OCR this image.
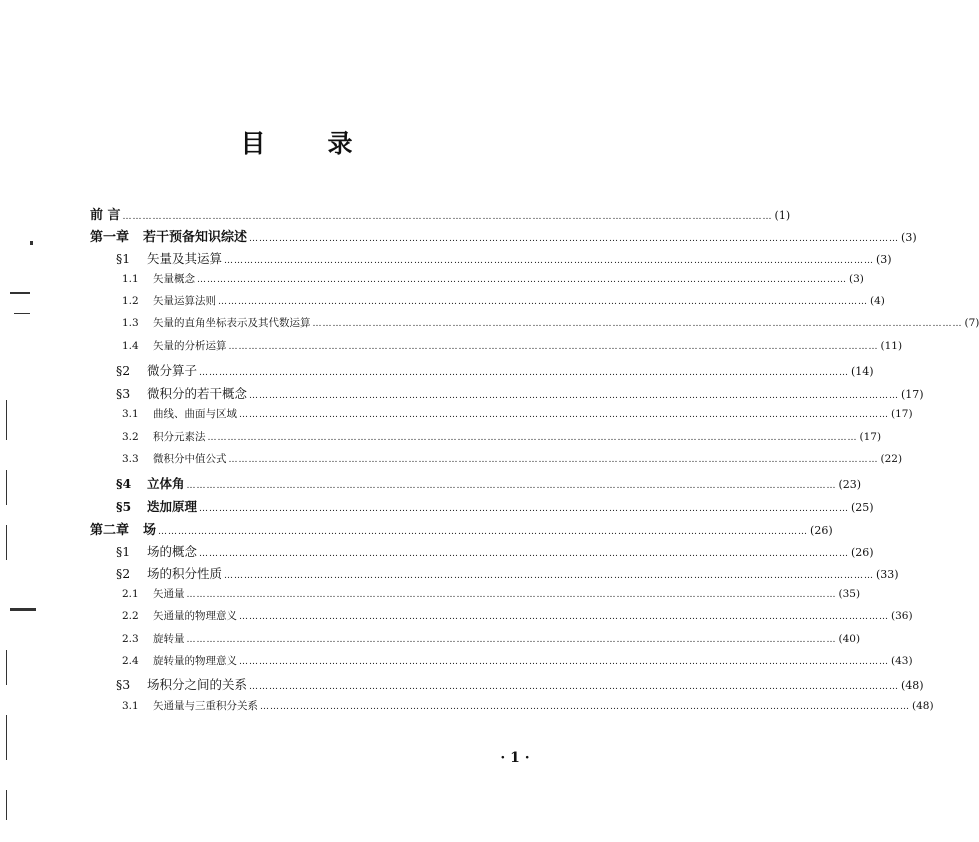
目 录
前 言 …………………………………………………………………………………………………………………………………………………………………………… (1)
第一章 若干预备知识综述 …………………………………………………………………………………………………………………………………………………………………………… (3)
§1	矢量及其运算 …………………………………………………………………………………………………………………………………………………………………………… (3)
1.1	矢量概念 …………………………………………………………………………………………………………………………………………………………………………… (3)
1.2	矢量运算法则 …………………………………………………………………………………………………………………………………………………………………………… (4)
1.3	矢量的直角坐标表示及其代数运算 …………………………………………………………………………………………………………………………………………………………………………… (7)
1.4	矢量的分析运算 …………………………………………………………………………………………………………………………………………………………………………… (11)
§2	微分算子 …………………………………………………………………………………………………………………………………………………………………………… (14)
§3	微积分的若干概念 …………………………………………………………………………………………………………………………………………………………………………… (17)
3.1	曲线、曲面与区域 …………………………………………………………………………………………………………………………………………………………………………… (17)
3.2	积分元素法 …………………………………………………………………………………………………………………………………………………………………………… (17)
3.3	微积分中值公式 …………………………………………………………………………………………………………………………………………………………………………… (22)
§4	立体角 …………………………………………………………………………………………………………………………………………………………………………… (23)
§5	迭加原理 …………………………………………………………………………………………………………………………………………………………………………… (25)
第二章 场 …………………………………………………………………………………………………………………………………………………………………………… (26)
§1	场的概念 …………………………………………………………………………………………………………………………………………………………………………… (26)
§2	场的积分性质 …………………………………………………………………………………………………………………………………………………………………………… (33)
2.1	矢通量 …………………………………………………………………………………………………………………………………………………………………………… (35)
2.2	矢通量的物理意义 …………………………………………………………………………………………………………………………………………………………………………… (36)
2.3	旋转量 …………………………………………………………………………………………………………………………………………………………………………… (40)
2.4	旋转量的物理意义 …………………………………………………………………………………………………………………………………………………………………………… (43)
§3	场积分之间的关系 …………………………………………………………………………………………………………………………………………………………………………… (48)
3.1	矢通量与三重积分关系 …………………………………………………………………………………………………………………………………………………………………………… (48)
· 1 ·
